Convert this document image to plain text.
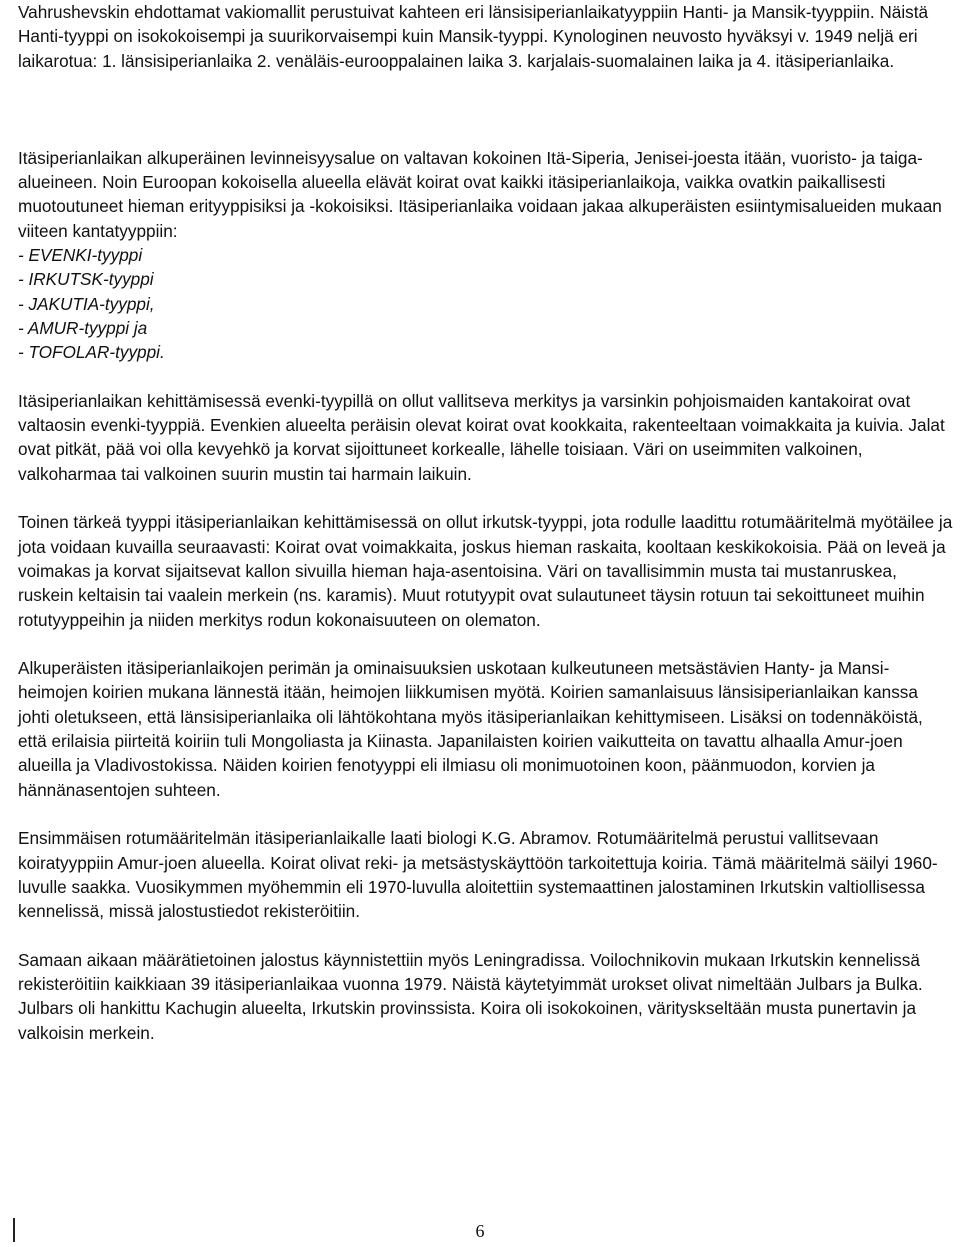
Vahrushevskin ehdottamat vakiomallit perustuivat kahteen eri länsisiperianlaikatyyppiin Hanti- ja Mansik-tyyppiin. Näistä Hanti-tyyppi on isokokoisempi ja suurikorvaisempi kuin Mansik-tyyppi. Kynologinen neuvosto hyväksyi v. 1949 neljä eri laikarotua: 1. länsisiperianlaika 2. venäläis-eurooppalainen laika 3. karjalais-suomalainen laika ja 4. itäsiperianlaika.

Itäsiperianlaikan alkuperäinen levinneisyysalue on valtavan kokoinen Itä-Siperia, Jenisei-joesta itään, vuoristo- ja taiga-alueineen. Noin Euroopan kokoisella alueella elävät koirat ovat kaikki itäsiperianlaikoja, vaikka ovatkin paikallisesti muotoutuneet hieman erityyppisiksi ja -kokoisiksi. Itäsiperianlaika voidaan jakaa alkuperäisten esiintymisalueiden mukaan viiteen kantatyyppiin:

- EVENKI-tyyppi
- IRKUTSK-tyyppi
- JAKUTIA-tyyppi,
- AMUR-tyyppi ja
- TOFOLAR-tyyppi.

Itäsiperianlaikan kehittämisessä evenki-tyypillä on ollut vallitseva merkitys ja varsinkin pohjoismaiden kantakoirat ovat valtaosin evenki-tyyppiä. Evenkien alueelta peräisin olevat koirat ovat kookkaita, rakenteeltaan voimakkaita ja kuivia. Jalat ovat pitkät, pää voi olla kevyehkö ja korvat sijoittuneet korkealle, lähelle toisiaan. Väri on useimmiten valkoinen, valkoharmaa tai valkoinen suurin mustin tai harmain laikuin.

Toinen tärkeä tyyppi itäsiperianlaikan kehittämisessä on ollut irkutsk-tyyppi, jota rodulle laadittu rotumääritelmä myötäilee ja jota voidaan kuvailla seuraavasti: Koirat ovat voimakkaita, joskus hieman raskaita, kooltaan keskikokoisia. Pää on leveä ja voimakas ja korvat sijaitsevat kallon sivuilla hieman haja-asentoisina. Väri on tavallisimmin musta tai mustanruskea, ruskein keltaisin tai vaalein merkein (ns. karamis). Muut rotutyypit ovat sulautuneet täysin rotuun tai sekoittuneet muihin rotutyyppeihin ja niiden merkitys rodun kokonaisuuteen on olematon.

Alkuperäisten itäsiperianlaikojen perimän ja ominaisuuksien uskotaan kulkeutuneen metsästävien Hanty- ja Mansi-heimojen koirien mukana lännestä itään, heimojen liikkumisen myötä. Koirien samanlaisuus länsisiperianlaikan kanssa johti oletukseen, että länsisiperianlaika oli lähtökohtana myös itäsiperianlaikan kehittymiseen. Lisäksi on todennäköistä, että erilaisia piirteitä koiriin tuli Mongoliasta ja Kiinasta. Japanilaisten koirien vaikutteita on tavattu alhaalla Amur-joen alueilla ja Vladivostokissa. Näiden koirien fenotyyppi eli ilmiasu oli monimuotoinen koon, päänmuodon, korvien ja hännänasentojen suhteen.

Ensimmäisen rotumääritelmän itäsiperianlaikalle laati biologi K.G. Abramov. Rotumääritelmä perustui vallitsevaan koiratyyppiin Amur-joen alueella. Koirat olivat reki- ja metsästyskäyttöön tarkoitettuja koiria. Tämä määritelmä säilyi 1960-luvulle saakka. Vuosikymmen myöhemmin eli 1970-luvulla aloitettiin systemaattinen jalostaminen Irkutskin valtiollisessa kennelissä, missä jalostustiedot rekisteröitiin.

Samaan aikaan määrätietoinen jalostus käynnistettiin myös Leningradissa. Voilochnikovin mukaan Irkutskin kennelissä rekisteröitiin kaikkiaan 39 itäsiperianlaikaa vuonna 1979. Näistä käytetyimmät urokset olivat nimeltään Julbars ja Bulka. Julbars oli hankittu Kachugin alueelta, Irkutskin provinssista. Koira oli isokokoinen, värityskseltään musta punertavin ja valkoisin merkein.

6
